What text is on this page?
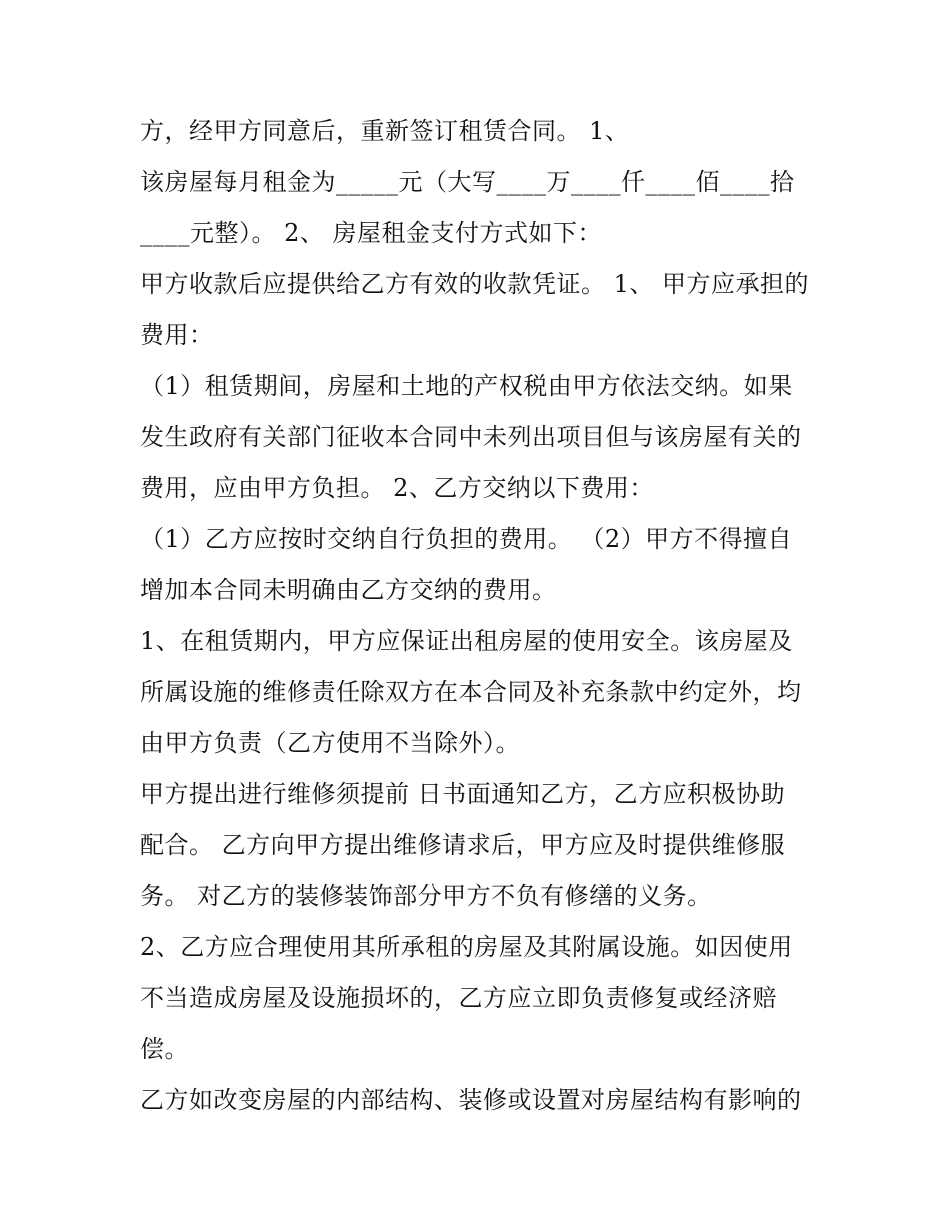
方，经甲方同意后，重新签订租赁合同。 1、
该房屋每月租金为_____元（大写____万____仟____佰____拾
____元整）。 2、 房屋租金支付方式如下：
甲方收款后应提供给乙方有效的收款凭证。 1、 甲方应承担的
费用：
（1）租赁期间，房屋和土地的产权税由甲方依法交纳。如果
发生政府有关部门征收本合同中未列出项目但与该房屋有关的
费用，应由甲方负担。 2、乙方交纳以下费用：
（1）乙方应按时交纳自行负担的费用。 （2）甲方不得擅自
增加本合同未明确由乙方交纳的费用。
1、在租赁期内，甲方应保证出租房屋的使用安全。该房屋及
所属设施的维修责任除双方在本合同及补充条款中约定外，均
由甲方负责（乙方使用不当除外）。
甲方提出进行维修须提前 日书面通知乙方，乙方应积极协助
配合。 乙方向甲方提出维修请求后，甲方应及时提供维修服
务。 对乙方的装修装饰部分甲方不负有修缮的义务。
2、乙方应合理使用其所承租的房屋及其附属设施。如因使用
不当造成房屋及设施损坏的，乙方应立即负责修复或经济赔
偿。
乙方如改变房屋的内部结构、装修或设置对房屋结构有影响的
